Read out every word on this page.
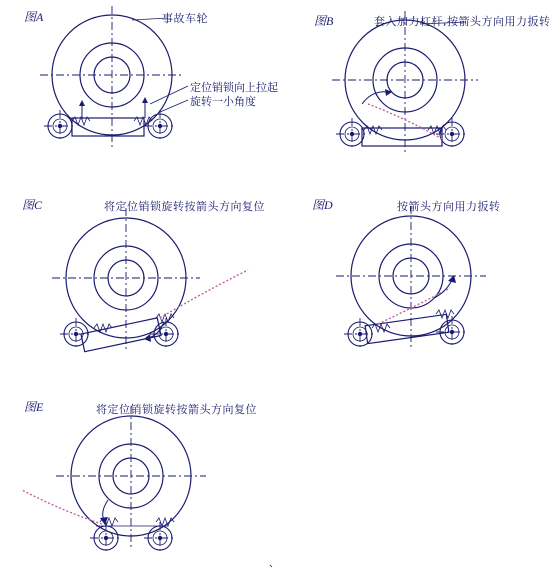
图A	事故车轮
定位销锁向上拉起
旋转一小角度
图B	套入加力杠杆,按箭头方向用力扳转
图C	将定位销锁旋转按箭头方向复位	图D	按箭头方向用力扳转
图E	将定位销锁旋转按箭头方向复位
